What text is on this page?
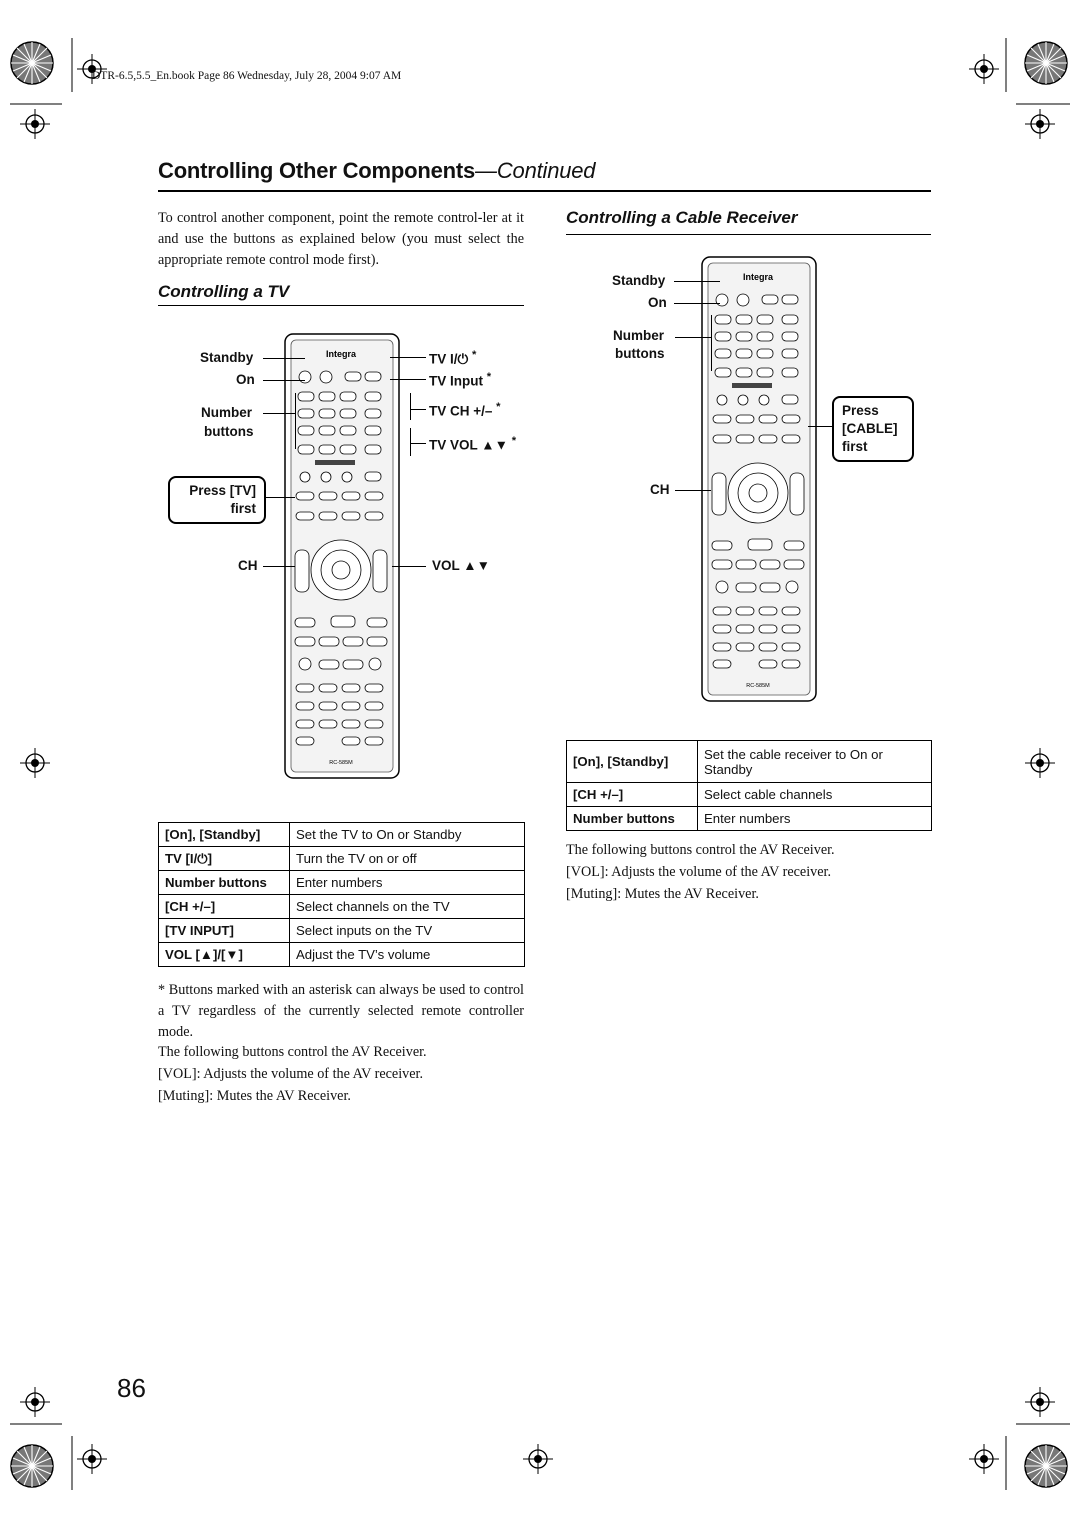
DTR-6.5,5.5_En.book Page 86 Wednesday, July 28, 2004 9:07 AM
Controlling Other Components—Continued
To control another component, point the remote control-ler at it and use the buttons as explained below (you must select the appropriate remote control mode first).
Controlling a TV
Integra
RC-585M
Standby
On
Number
buttons
Press [TV]
first
CH
TV I/⏻ *
TV Input *
TV CH +/– *
TV VOL ▲▼ *
VOL ▲▼
[On], [Standby]	Set the TV to On or Standby
TV [I/⏻]	Turn the TV on or off
Number buttons	Enter numbers
[CH +/–]	Select channels on the TV
[TV INPUT]	Select inputs on the TV
VOL [▲]/[▼]	Adjust the TV’s volume
* Buttons marked with an asterisk can always be used to control a TV regardless of the currently selected remote controller mode.
The following buttons control the AV Receiver.
[VOL]: Adjusts the volume of the AV receiver.
[Muting]: Mutes the AV Receiver.
Controlling a Cable Receiver
Integra
RC-585M
Standby
On
Number
buttons
CH
Press
[CABLE]
first
[On], [Standby]	Set the cable receiver to On or Standby
[CH +/–]	Select cable channels
Number buttons	Enter numbers
The following buttons control the AV Receiver.
[VOL]: Adjusts the volume of the AV receiver.
[Muting]: Mutes the AV Receiver.
86
